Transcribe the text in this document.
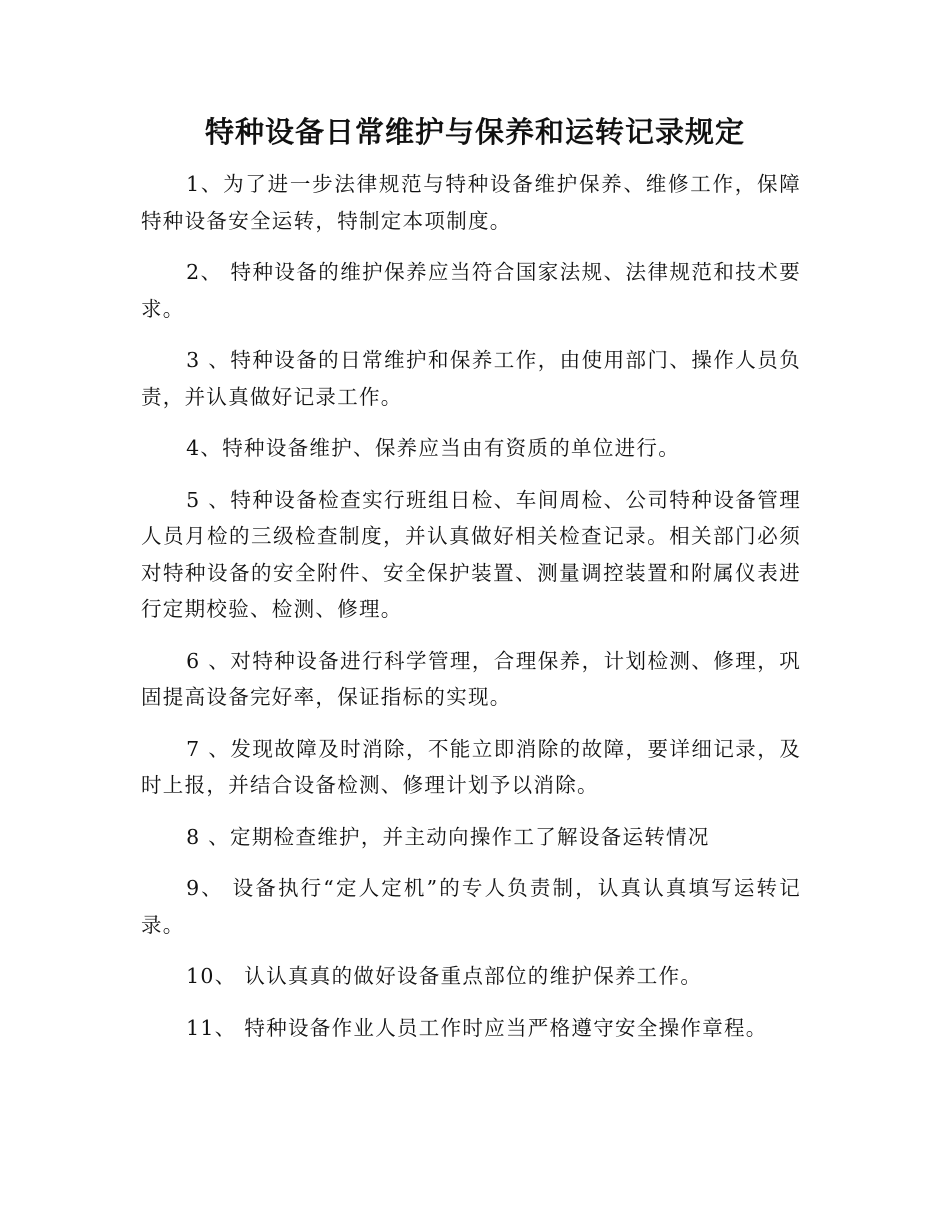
特种设备日常维护与保养和运转记录规定

1、为了进一步法律规范与特种设备维护保养、维修工作，保障特种设备安全运转，特制定本项制度。

2、 特种设备的维护保养应当符合国家法规、法律规范和技术要求。

3 、特种设备的日常维护和保养工作，由使用部门、操作人员负责，并认真做好记录工作。

4、特种设备维护、保养应当由有资质的单位进行。

5 、特种设备检查实行班组日检、车间周检、公司特种设备管理人员月检的三级检查制度，并认真做好相关检查记录。相关部门必须对特种设备的安全附件、安全保护装置、测量调控装置和附属仪表进行定期校验、检测、修理。

6 、对特种设备进行科学管理，合理保养，计划检测、修理，巩固提高设备完好率，保证指标的实现。

7 、发现故障及时消除，不能立即消除的故障，要详细记录，及时上报，并结合设备检测、修理计划予以消除。

8 、定期检查维护，并主动向操作工了解设备运转情况

9、 设备执行“定人定机”的专人负责制，认真认真填写运转记录。

10、 认认真真的做好设备重点部位的维护保养工作。

11、 特种设备作业人员工作时应当严格遵守安全操作章程。
